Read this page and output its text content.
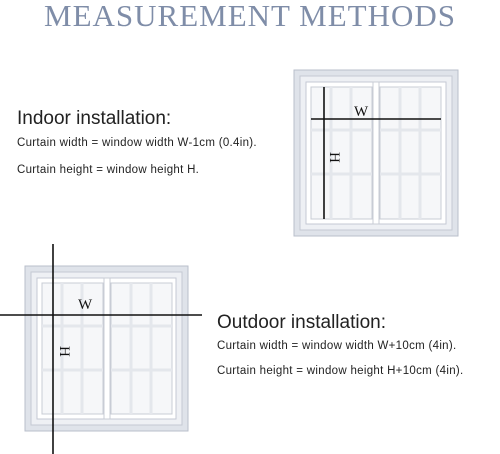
MEASUREMENT METHODS
Indoor installation:
Curtain width = window width W-1cm (0.4in).
Curtain height = window height H.
W
H
W
H
Outdoor installation:
Curtain width = window width W+10cm (4in).
Curtain height = window height H+10cm (4in).
